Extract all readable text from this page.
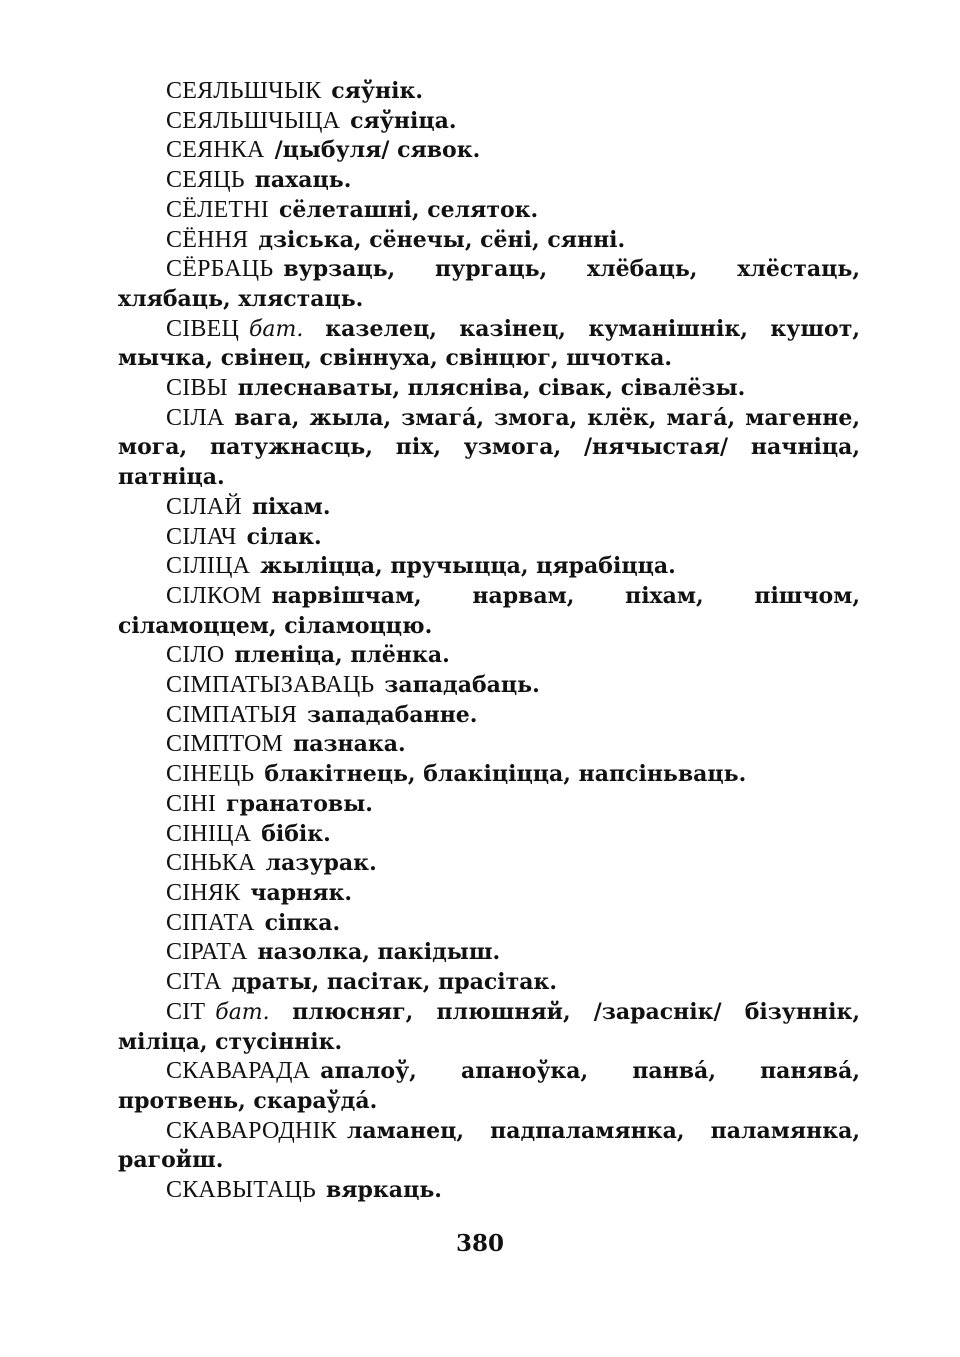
СЕЯЛЬШЧЫК сяўнік.

СЕЯЛЬШЧЫЦА сяўніца.

СЕЯНКА /цыбуля/ сявок.

СЕЯЦЬ пахаць.

СЁЛЕТНІ сёлеташні, селяток.

СЁННЯ дзіська, сёнечы, сёні, сянні.

СЁРБАЦЬ вурзаць, пургаць, хлёбаць, хлёстаць, хлябаць, хлястаць.

СІВЕЦ бат. казелец, казінец, куманішнік, кушот, мычка, свінец, свіннуха, свінцюг, шчотка.

СІВЫ плеснаваты, плясніва, сівак, сівалёзы.

СІЛА вага, жыла, змагá, змога, клёк, магá, магенне, мога, патужнасць, піх, узмога, /нячыстая/ начніца, патніца.

СІЛАЙ піхам.

СІЛАЧ сілак.

СІЛІЦА жыліцца, пручыцца, цярабіцца.

СІЛКОМ нарвішчам, нарвам, піхам, пішчом, сіламоццем, сіламоццю.

СІЛО пленіца, плёнка.

СІМПАТЫЗАВАЦЬ западабаць.

СІМПАТЫЯ западабанне.

СІМПТОМ пазнака.

СІНЕЦЬ блакітнець, блакіціцца, напсіньваць.

СІНІ гранатовы.

СІНІЦА бібік.

СІНЬКА лазурак.

СІНЯК чарняк.

СІПАТА сіпка.

СІРАТА назолка, пакідыш.

СІТА драты, пасітак, прасітак.

СІТ бат. плюсняг, плюшняй, /заpaснік/ бізуннік, міліца, стусіннік.

СКАВАРАДА апалоў, апаноўка, панвá, панявá, протвень, скараўдá.

СКАВАРОДНІК ламанец, падпаламянка, паламянка, рагойш.

СКАВЫТАЦЬ вяркаць.

380
